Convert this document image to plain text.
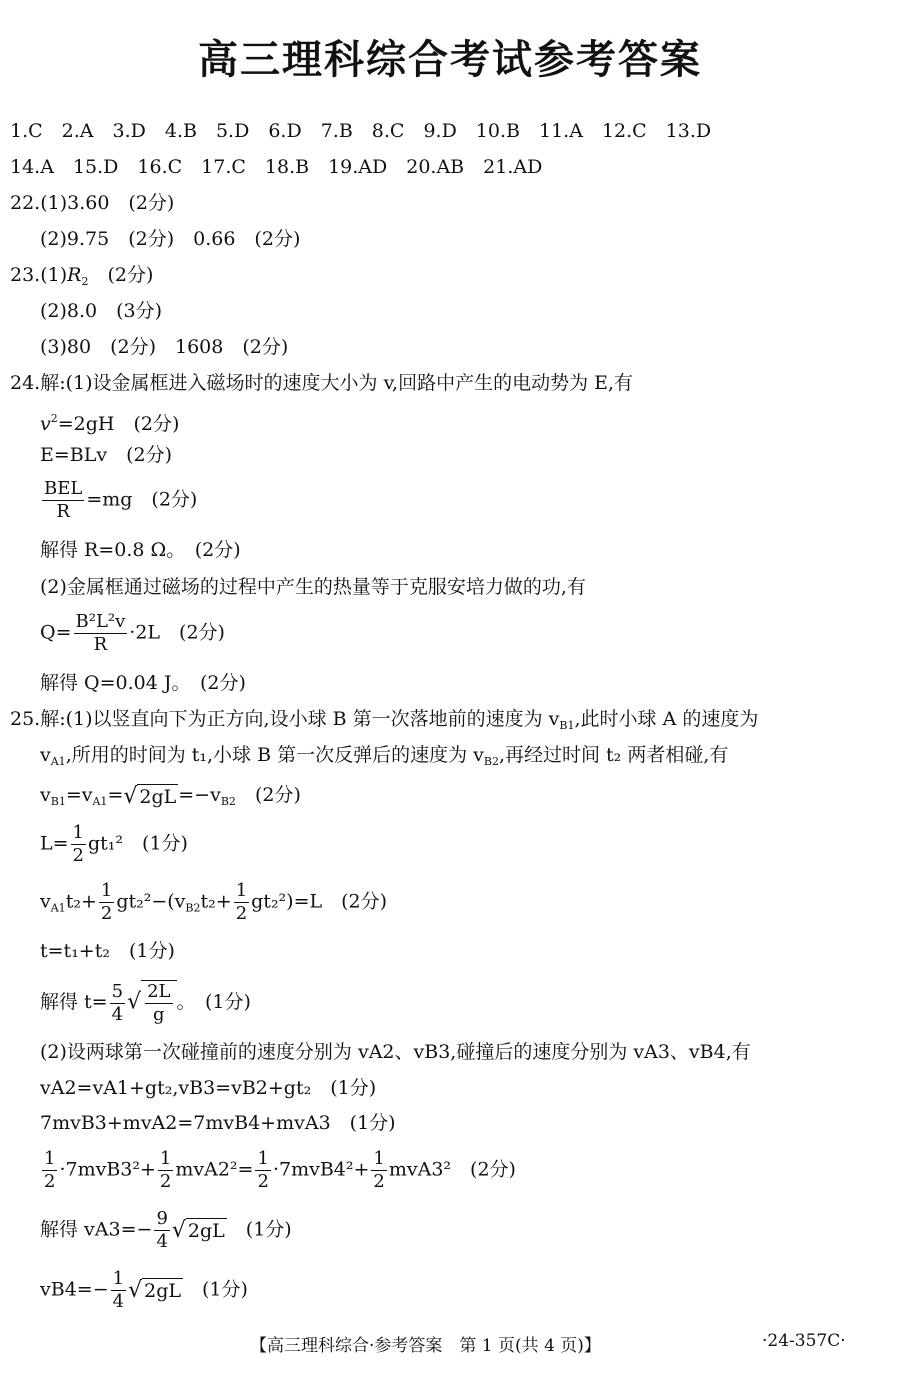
高三理科综合考试参考答案
1.C　2.A　3.D　4.B　5.D　6.D　7.B　8.C　9.D　10.B　11.A　12.C　13.D
14.A　15.D　16.C　17.C　18.B　19.AD　20.AB　21.AD
22.(1)3.60　(2分)
(2)9.75　(2分)　0.66　(2分)
$23.(1)R_2$　(2分)
(2)8.0　(3分)
(3)80　(2分)　1608　(2分)
24.解:(1)设金属框进入磁场时的速度大小为 v,回路中产生的电动势为 E,有
$v^2=2gH$　(2分)
E=BLv　(2分)
$\frac{\text{BEL}}{R} =mg$　(2分)
解得 R=0.8 Ω。　(2分)
(2)金属框通过磁场的过程中产生的热量等于克服安培力做的功,有
$Q= \frac{\text{B²L²v}}{R} \cdot 2L$　(2分)
解得 Q=0.04 J。　(2分)
25.解:(1)以竖直向下为正方向,设小球 B 第一次落地前的速度为 $v_{B1}$,此时小球 A 的速度为
$v_{A1}$,所用的时间为 t₁,小球 B 第一次反弹后的速度为 $v_{B2}$,再经过时间 t₂ 两者相碰,有
$v_{B1}=v_{A1}=√$ $2gL =-v_{B2}$　(2分)
$L= \frac{1}{2} gt_1^2$　(1分)
$v_{A1}t_2+ \frac{1}{2} gt_2^2-(v_{B2}t_2+ \frac{1}{2} gt_2^2)=L$　(2分)
t=t₁+t₂　(1分)
解得 $t= \frac{5}{4}$ √ $\frac{2L}{g}$ 。　(1分)
(2)设两球第一次碰撞前的速度分别为 vA2、vB3,碰撞后的速度分别为 vA3、vB4,有
vA2=vA1+gt₂,vB3=vB2+gt₂　(1分)
7mvB3+mvA2=7mvB4+mvA3　(1分)
$\frac{1}{2} \cdot 7mvB3^2+ \frac{1}{2} mvA2^2= \frac{1}{2} \cdot 7mvB4^2+ \frac{1}{2} mvA3^2$　(2分)
解得 $vA3=- \frac{9}{4}$ √ 2gL　(1分)
$vB4=- \frac{1}{4}$ √ 2gL　(1分)
【高三理科综合·参考答案　第 1 页(共 4 页)】	·24-357C·
